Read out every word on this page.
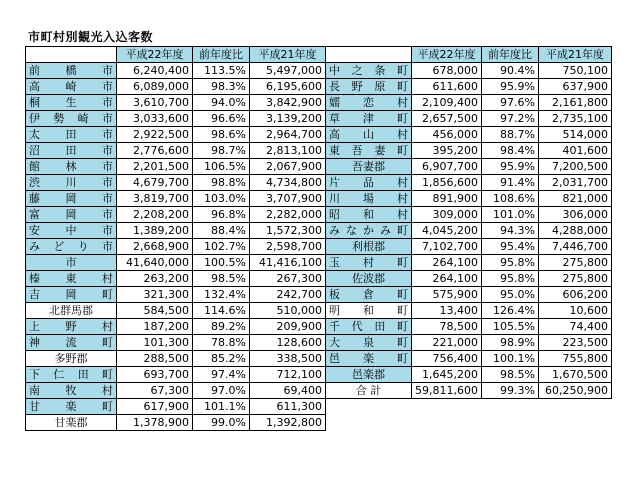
市町村別観光入込客数
	平成22年度	前年度比	平成21年度
前橋市	6,240,400	113.5%	5,497,000
高崎市	6,089,000	98.3%	6,195,600
桐生市	3,610,700	94.0%	3,842,900
伊勢崎市	3,033,600	96.6%	3,139,200
太田市	2,922,500	98.6%	2,964,700
沼田市	2,776,600	98.7%	2,813,100
館林市	2,201,500	106.5%	2,067,900
渋川市	4,679,700	98.8%	4,734,800
藤岡市	3,819,700	103.0%	3,707,900
富岡市	2,208,200	96.8%	2,282,000
安中市	1,389,200	88.4%	1,572,300
みどり市	2,668,900	102.7%	2,598,700
市	41,640,000	100.5%	41,416,100
榛東村	263,200	98.5%	267,300
吉岡町	321,300	132.4%	242,700
北群馬郡	584,500	114.6%	510,000
上野村	187,200	89.2%	209,900
神流町	101,300	78.8%	128,600
多野郡	288,500	85.2%	338,500
下仁田町	693,700	97.4%	712,100
南牧村	67,300	97.0%	69,400
甘楽町	617,900	101.1%	611,300
甘楽郡	1,378,900	99.0%	1,392,800
	平成22年度	前年度比	平成21年度
中之条町	678,000	90.4%	750,100
長野原町	611,600	95.9%	637,900
嬬恋村	2,109,400	97.6%	2,161,800
草津町	2,657,500	97.2%	2,735,100
高山村	456,000	88.7%	514,000
東吾妻町	395,200	98.4%	401,600
吾妻郡	6,907,700	95.9%	7,200,500
片品村	1,856,600	91.4%	2,031,700
川場村	891,900	108.6%	821,000
昭和村	309,000	101.0%	306,000
みなかみ町	4,045,200	94.3%	4,288,000
利根郡	7,102,700	95.4%	7,446,700
玉村町	264,100	95.8%	275,800
佐波郡	264,100	95.8%	275,800
板倉町	575,900	95.0%	606,200
明和町	13,400	126.4%	10,600
千代田町	78,500	105.5%	74,400
大泉町	221,000	98.9%	223,500
邑楽町	756,400	100.1%	755,800
邑楽郡	1,645,200	98.5%	1,670,500
合 計	59,811,600	99.3%	60,250,900
